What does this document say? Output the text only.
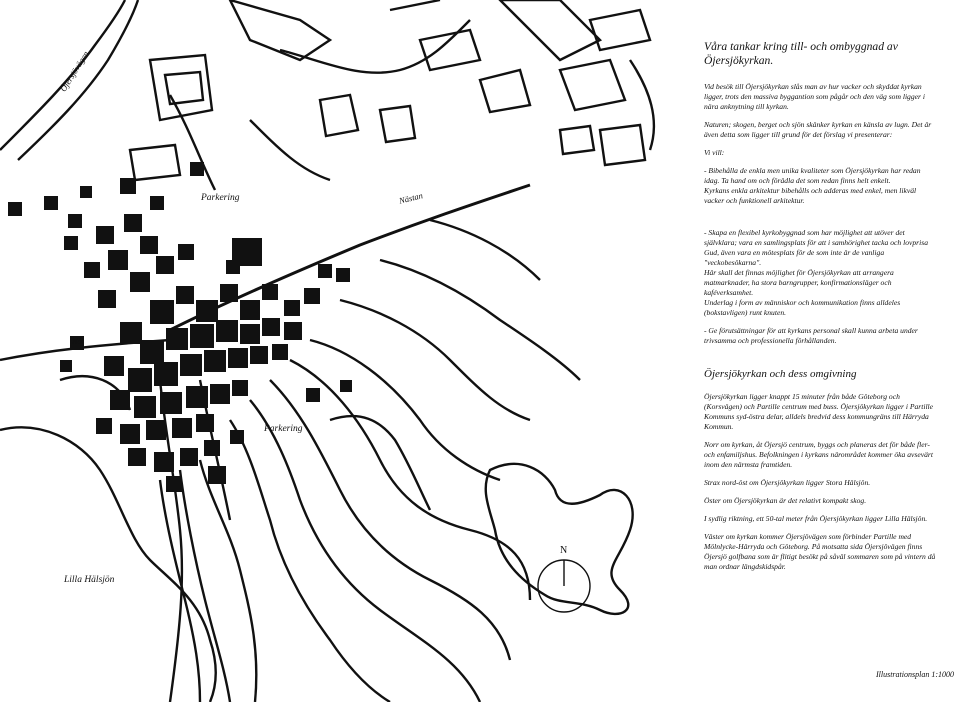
Öjersjövägen
Parkering	Nästan
Nä
Parkering
Lilla Hälsjön
N
Våra tankar kring till- och ombyggnad av Öjersjökyrkan.

Vid besök till Öjersjökyrkan slås man av hur vacker och skyddat kyrkan ligger, trots den massiva byggantion som pågår och den väg som ligger i nära anknytning till kyrkan.

Naturen; skogen, berget och sjön skänker kyrkan en känsla av lugn. Det är även detta som ligger till grund för det förslag vi presenterar:

Vi vill:

- Bibehålla de enkla men unika kvaliteter som Öjersjökyrkan har redan idag. Ta hand om och förädla det som redan finns helt enkelt.
Kyrkans enkla arkitektur bibehålls och adderas med enkel, men likväl vacker och funktionell arkitektur.

- Skapa en flexibel kyrkobyggnad som har möjlighet att utöver det självklara; vara en samlingsplats för att i samhörighet tacka och lovprisa Gud, även vara en mötesplats för de som inte är de vanliga "veckobesökarna".
Här skall det finnas möjlighet för Öjersjökyrkan att arrangera matmarknader, ha stora barngrupper, konfirmationsläger och kaféverksamhet.
Underlag i form av människor och kommunikation finns alldeles (bokstavligen) runt knuten.

- Ge förutsättningar för att kyrkans personal skall kunna arbeta under trivsamma och professionella förhållanden.

Öjersjökyrkan och dess omgivning

Öjersjökyrkan ligger knappt 15 minuter från både Göteborg och (Korsvägen) och Partille centrum med buss. Öjersjökyrkan ligger i Partille Kommuns syd-östra delar, alldels bredvid dess kommungräns till Härryda Kommun.

Norr om kyrkan, åt Öjersjö centrum, byggs och planeras det för både fler-och enfamiljshus. Befolkningen i kyrkans närområdet kommer öka avsevärt inom den närmsta framtiden.

Strax nord-öst om Öjersjökyrkan ligger Stora Hälsjön.

Öster om Öjersjökyrkan är det relativt kompakt skog.

I sydlig riktning, ett 50-tal meter från Öjersjökyrkan ligger Lilla Hälsjön.

Väster om kyrkan kommer Öjersjövägen som förbinder Partille med Mölnlycke-Härryda och Göteborg. På motsatta sida Öjersjövägen finns Öjersjö golfbana som är flitigt besökt på såväl sommaren som på vintern då man ordnar längdskidspår.

Illustrationsplan 1:1000
